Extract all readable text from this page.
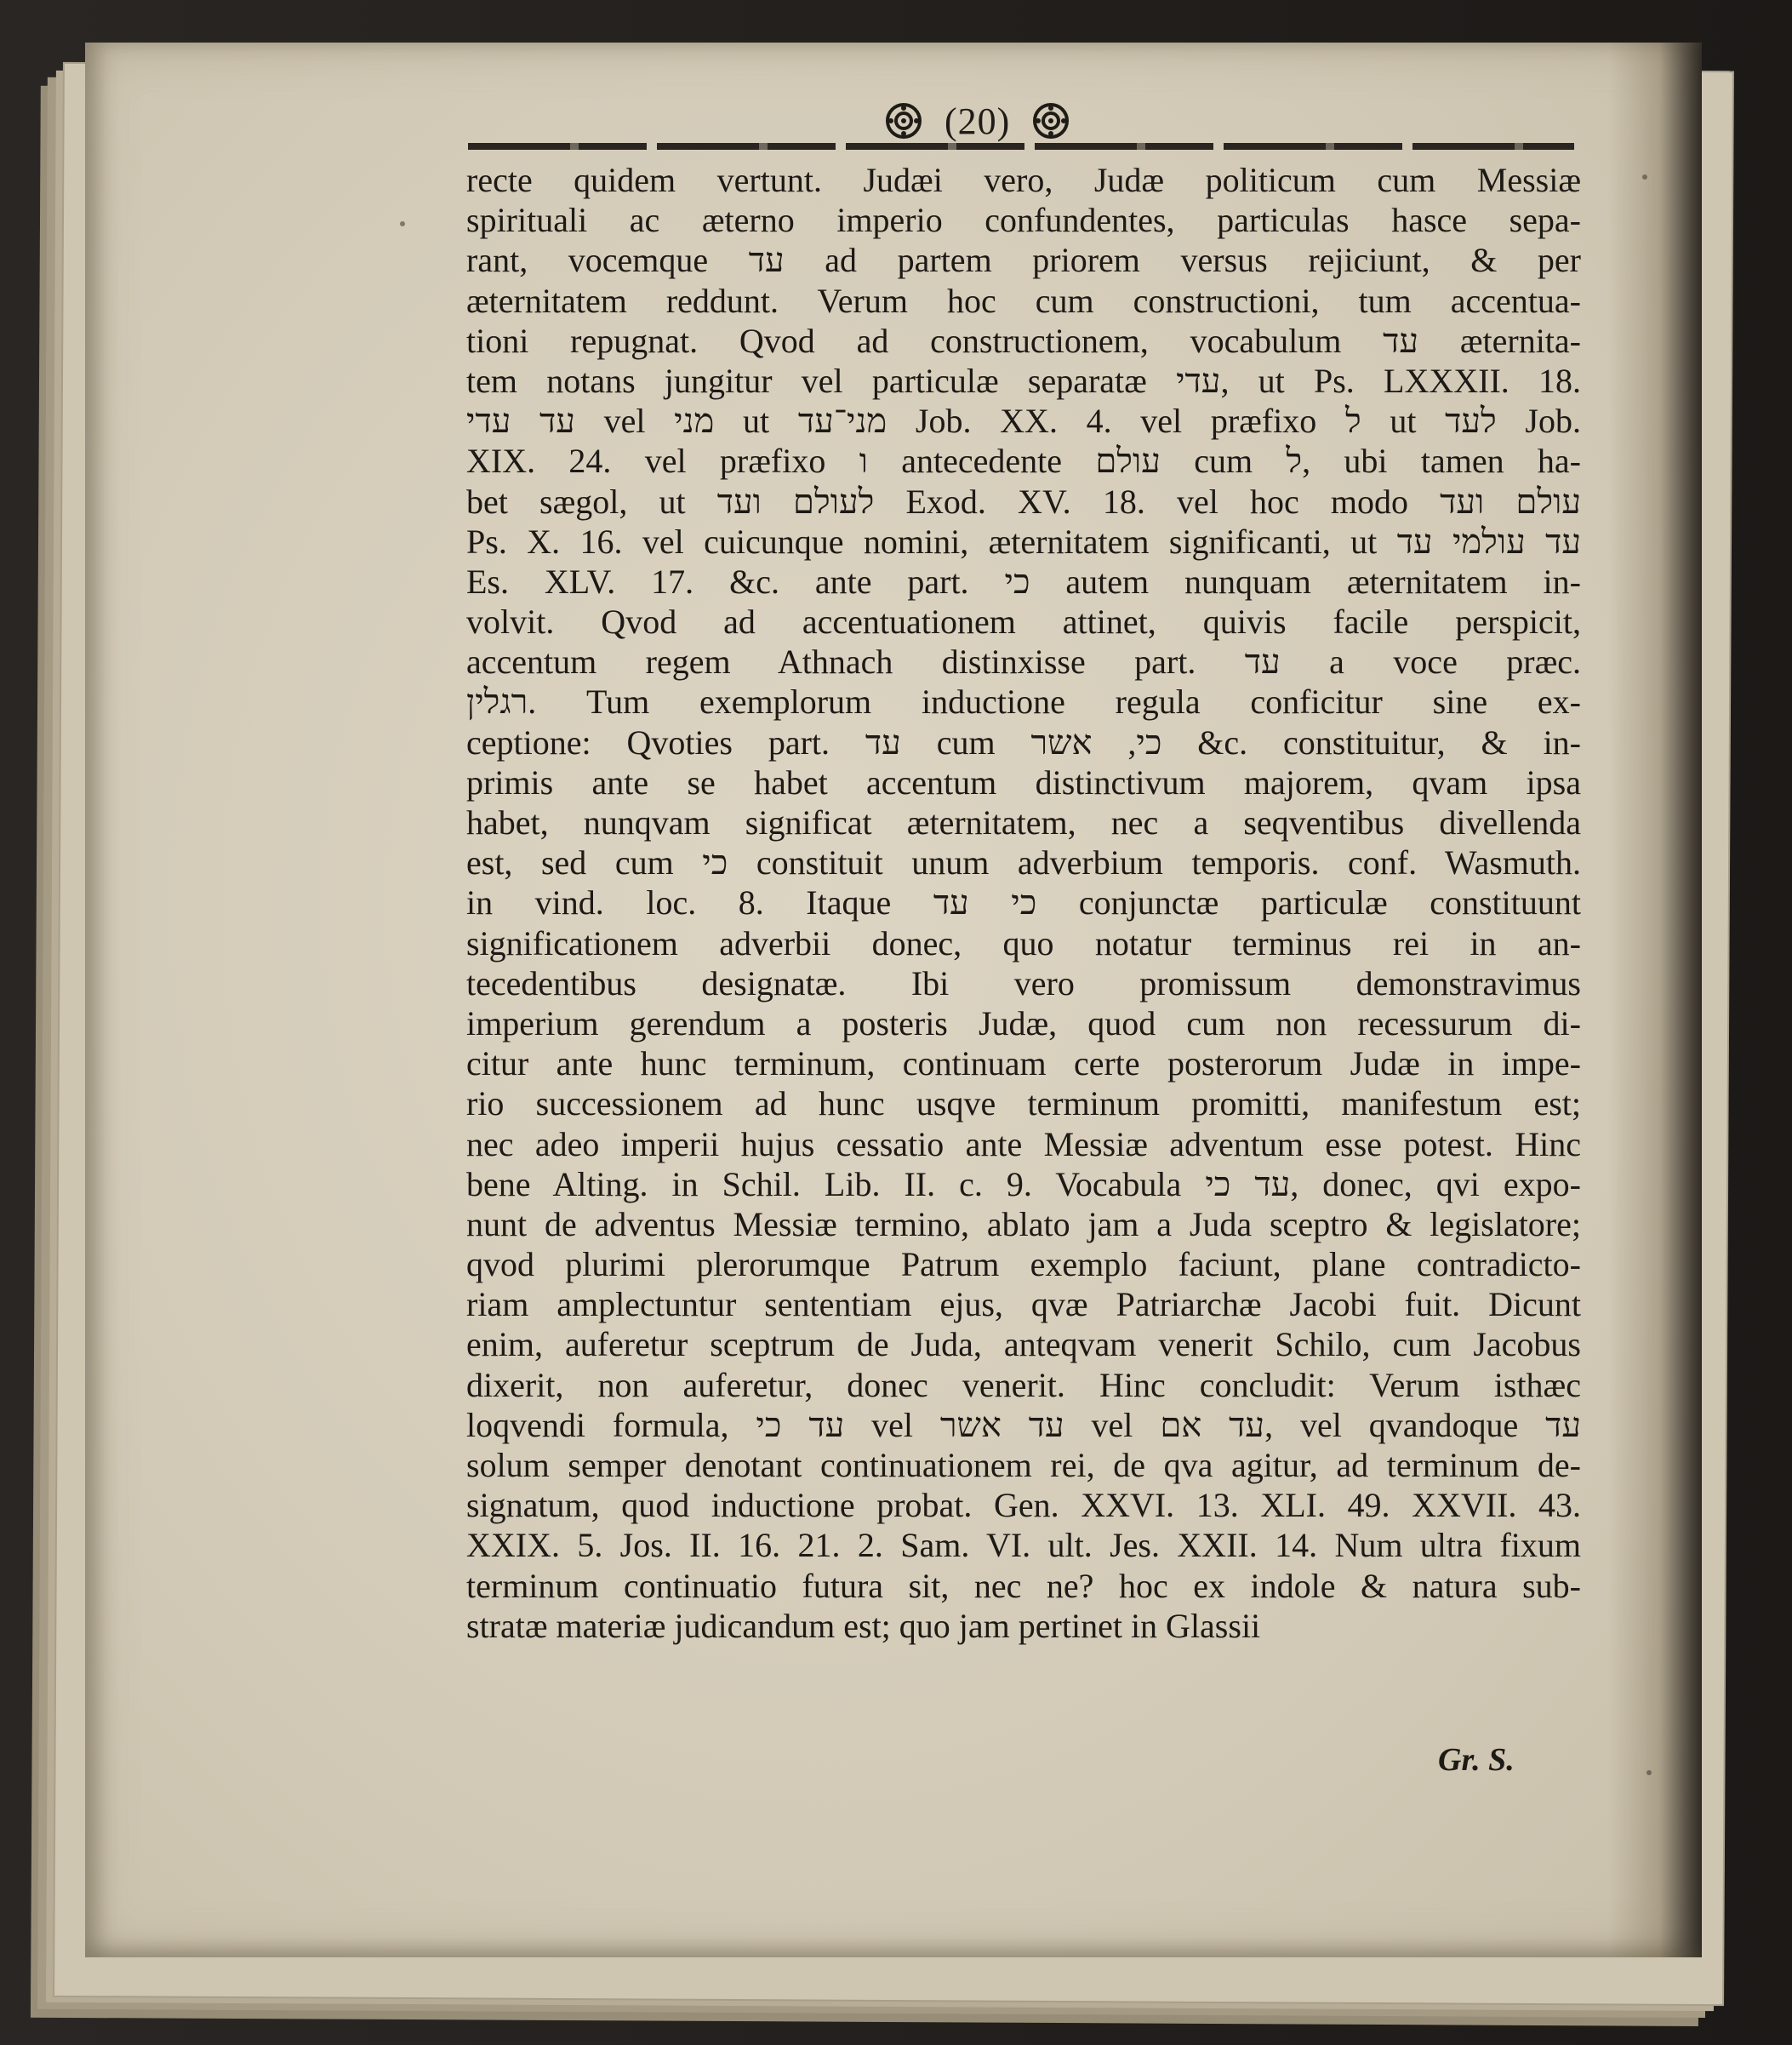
(20)
recte quidem vertunt. Judæi vero, Judæ politicum cum Messiæ
spirituali ac æterno imperio confundentes, particulas hasce sepa-
rant, vocemque עד ad partem priorem versus rejiciunt, & per
æternitatem reddunt. Verum hoc cum constructioni, tum accentua-
tioni repugnat. Qvod ad constructionem, vocabulum עד æternita-
tem notans jungitur vel particulæ separatæ עדי, ut Ps. LXXXII. 18.
עד עדי vel מני ut מני־עד Job. XX. 4. vel præfixo ל ut לעד Job.
XIX. 24. vel præfixo ו antecedente עולם cum ל, ubi tamen ha-
bet sægol, ut לעולם ועד Exod. XV. 18. vel hoc modo עולם ועד
Ps. X. 16. vel cuicunque nomini, æternitatem significanti, ut עד עולמי עד
Es. XLV. 17. &c. ante part. כי autem nunquam æternitatem in-
volvit. Qvod ad accentuationem attinet, quivis facile perspicit,
accentum regem Athnach distinxisse part. עד a voce præc.
רגלין. Tum exemplorum inductione regula conficitur sine ex-
ceptione: Qvoties part. עד cum כי, אשר &c. constituitur, & in-
primis ante se habet accentum distinctivum majorem, qvam ipsa
habet, nunqvam significat æternitatem, nec a seqventibus divellenda
est, sed cum כי constituit unum adverbium temporis. conf. Wasmuth.
in vind. loc. 8. Itaque כי עד conjunctæ particulæ constituunt
significationem adverbii donec, quo notatur terminus rei in an-
tecedentibus designatæ. Ibi vero promissum demonstravimus
imperium gerendum a posteris Judæ, quod cum non recessurum di-
citur ante hunc terminum, continuam certe posterorum Judæ in impe-
rio successionem ad hunc usqve terminum promitti, manifestum est;
nec adeo imperii hujus cessatio ante Messiæ adventum esse potest. Hinc
bene Alting. in Schil. Lib. II. c. 9. Vocabula עד כי, donec, qvi expo-
nunt de adventus Messiæ termino, ablato jam a Juda sceptro & legislatore;
qvod plurimi plerorumque Patrum exemplo faciunt, plane contradicto-
riam amplectuntur sententiam ejus, qvæ Patriarchæ Jacobi fuit. Dicunt
enim, auferetur sceptrum de Juda, anteqvam venerit Schilo, cum Jacobus
dixerit, non auferetur, donec venerit. Hinc concludit: Verum isthæc
loqvendi formula, עד כי vel עד אשר vel עד אם, vel qvandoque עד
solum semper denotant continuationem rei, de qva agitur, ad terminum de-
signatum, quod inductione probat. Gen. XXVI. 13. XLI. 49. XXVII. 43.
XXIX. 5. Jos. II. 16. 21. 2. Sam. VI. ult. Jes. XXII. 14. Num ultra fixum
terminum continuatio futura sit, nec ne? hoc ex indole & natura sub-
stratæ materiæ judicandum est; quo jam pertinet in Glassii
Gr. S.
